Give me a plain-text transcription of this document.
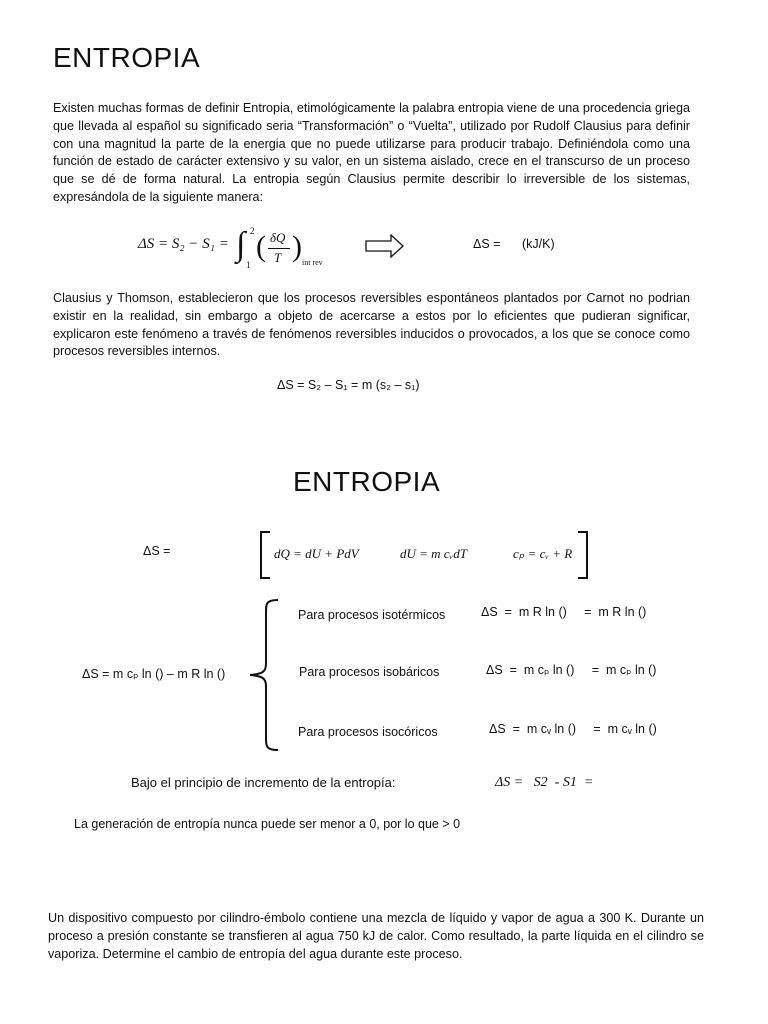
ENTROPIA
Existen muchas formas de definir Entropia, etimológicamente la palabra entropia viene de una procedencia griega que llevada al español su significado seria “Transformación” o “Vuelta”, utilizado por Rudolf Clausius para definir con una magnitud la parte de la energia que no puede utilizarse para producir trabajo. Definiéndola como una función de estado de carácter extensivo y su valor, en un sistema aislado, crece en el transcurso de un proceso que se dé de forma natural. La entropia según Clausius permite describir lo irreversible de los sistemas, expresándola de la siguiente manera:
ΔS = S₂ − S₁ = ∫ 2
1
( δQ
T ) int rev
ΔS = (kJ/K)
Clausius y Thomson, establecieron que los procesos reversibles espontáneos plantados por Carnot no podrian existir en la realidad, sin embargo a objeto de acercarse a estos por lo eficientes que pudieran significar, explicaron este fenómeno a través de fenómenos reversibles inducidos o provocados, a los que se conoce como procesos reversibles internos.
ΔS = S₂ – S₁ = m (s₂ – s₁)
ENTROPIA
ΔS =	dQ = dU + PdV	dU = m cᵥdT	cₚ = cᵥ + R
ΔS = m cₚ ln () – m R ln ()
Para procesos isotérmicos	ΔS  =  m R ln ()     =  m R ln ()
Para procesos isobáricos	ΔS  =  m cₚ ln ()     =  m cₚ ln ()
Para procesos isocóricos	ΔS  =  m cᵥ ln ()     =  m cᵥ ln ()
Bajo el principio de incremento de la entropía:	ΔS =   S2  - S1  =
La generación de entropía nunca puede ser menor a 0, por lo que > 0
Un dispositivo compuesto por cilindro-émbolo contiene una mezcla de líquido y vapor de agua a 300 K. Durante un proceso a presión constante se transfieren al agua 750 kJ de calor. Como resultado, la parte líquida en el cilindro se vaporiza. Determine el cambio de entropía del agua durante este proceso.
